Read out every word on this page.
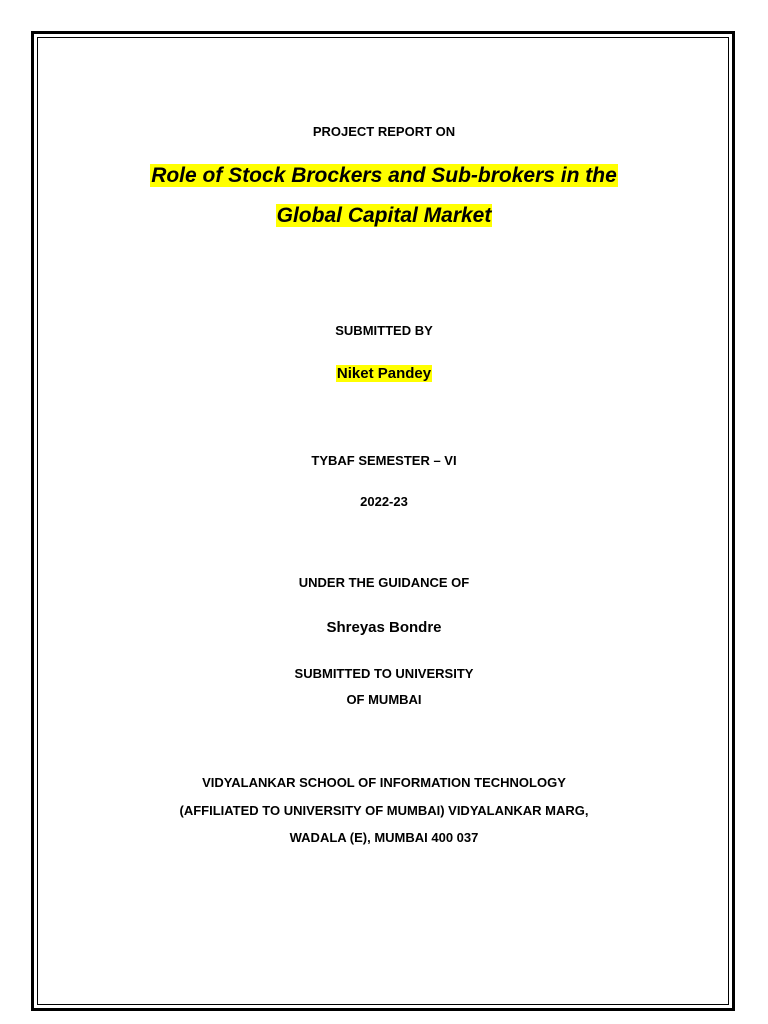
PROJECT REPORT ON
Role of Stock Brockers and Sub-brokers in the
Global Capital Market
SUBMITTED BY
Niket Pandey
TYBAF SEMESTER – VI
2022-23
UNDER THE GUIDANCE OF
Shreyas Bondre
SUBMITTED TO UNIVERSITY
OF MUMBAI
VIDYALANKAR SCHOOL OF INFORMATION TECHNOLOGY
(AFFILIATED TO UNIVERSITY OF MUMBAI) VIDYALANKAR MARG,
WADALA (E), MUMBAI 400 037
